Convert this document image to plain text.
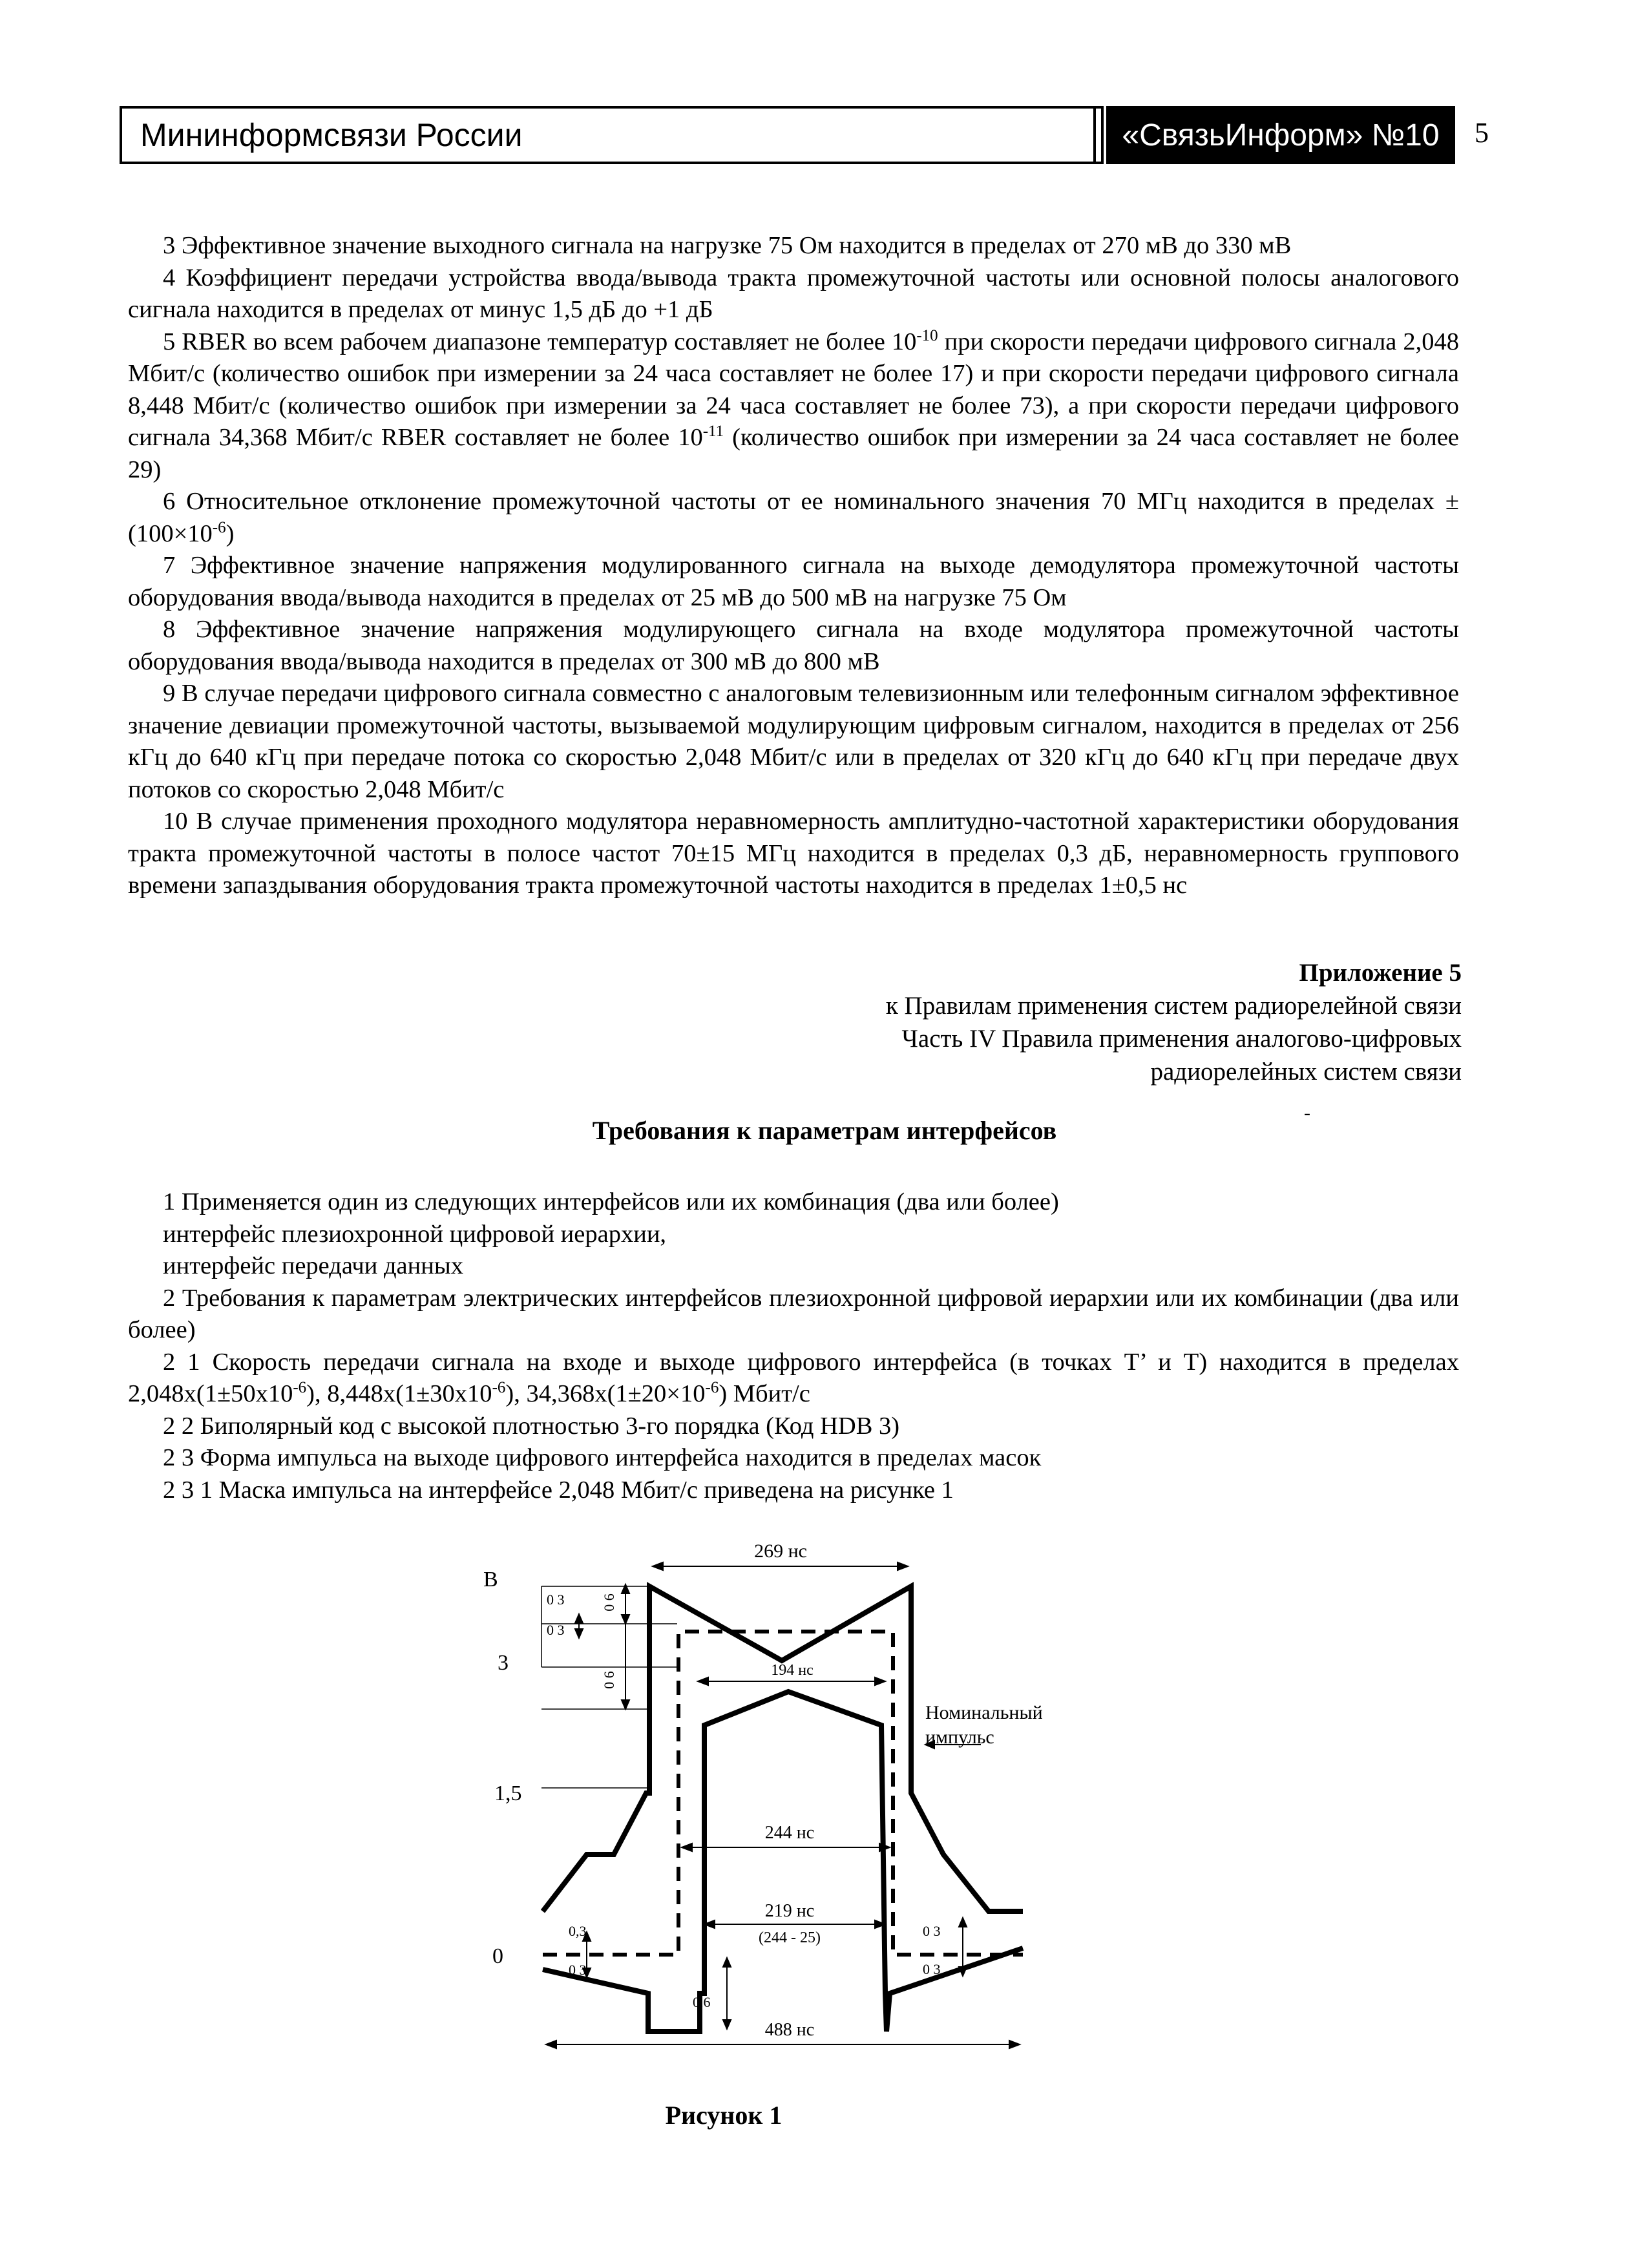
Мининформсвязи России	«СвязьИнформ» №10 5

3 Эффективное значение выходного сигнала на нагрузке 75 Ом находится в пределах от 270 мВ до 330 мВ

4 Коэффициент передачи устройства ввода/вывода тракта промежуточной частоты или основной полосы аналогового сигнала находится в пределах от минус 1,5 дБ до +1 дБ

5 RBER во всем рабочем диапазоне температур составляет не более $10^{-10}$ при скорости передачи цифрового сигнала 2,048 Мбит/с (количество ошибок при измерении за 24 часа составляет не более 17) и при скорости передачи цифрового сигнала 8,448 Мбит/с (количество ошибок при измерении за 24 часа составляет не более 73), а при скорости передачи цифрового сигнала 34,368 Мбит/с RBER составляет не более $10^{-11}$ (количество ошибок при измерении за 24 часа составляет не более 29)

6 Относительное отклонение промежуточной частоты от ее номинального значения 70 МГц находится в пределах $\pm(100\times 10^{-6})$

7 Эффективное значение напряжения модулированного сигнала на выходе демодулятора промежуточной частоты оборудования ввода/вывода находится в пределах от 25 мВ до 500 мВ на нагрузке 75 Ом

8 Эффективное значение напряжения модулирующего сигнала на входе модулятора промежуточной частоты оборудования ввода/вывода находится в пределах от 300 мВ до 800 мВ

9 В случае передачи цифрового сигнала совместно с аналоговым телевизионным или телефонным сигналом эффективное значение девиации промежуточной частоты, вызываемой модулирующим цифровым сигналом, находится в пределах от 256 кГц до 640 кГц при передаче потока со скоростью 2,048 Мбит/с или в пределах от 320 кГц до 640 кГц при передаче двух потоков со скоростью 2,048 Мбит/с

10 В случае применения проходного модулятора неравномерность амплитудно-частотной характеристики оборудования тракта промежуточной частоты в полосе частот 70±15 МГц находится в пределах 0,3 дБ, неравномерность группового времени запаздывания оборудования тракта промежуточной частоты находится в пределах 1±0,5 нс

Приложение 5
к Правилам применения систем радиорелейной связи
Часть IV Правила применения аналогово-цифровых
радиорелейных систем связи
-
Требования к параметрам интерфейсов

1 Применяется один из следующих интерфейсов или их комбинация (два или более)

интерфейс плезиохронной цифровой иерархии,

интерфейс передачи данных

2 Требования к параметрам электрических интерфейсов плезиохронной цифровой иерархии или их комбинации (два или более)

2 1 Скорость передачи сигнала на входе и выходе цифрового интерфейса (в точках Т’ и Т) находится в пределах $2,048х(1\pm 50х10^{-6})$, $8,448х(1\pm 30х10^{-6})$, $34,368х(1\pm 20\times 10^{-6})$ Мбит/с

2 2 Биполярный код с высокой плотностью 3-го порядка (Код HDB 3)

2 3 Форма импульса на выходе цифрового интерфейса находится в пределах масок

2 3 1 Маска импульса на интерфейсе 2,048 Мбит/с приведена на рисунке 1

В
3
1,5
0
269 нс
194 нс
244 нс
219 нс
(244 - 25)
488 нс
0 3
0 3
0 6
0 6
0,3
0 3
0,6
0 3
0 3
Номинальный
импульс
Рисунок 1
